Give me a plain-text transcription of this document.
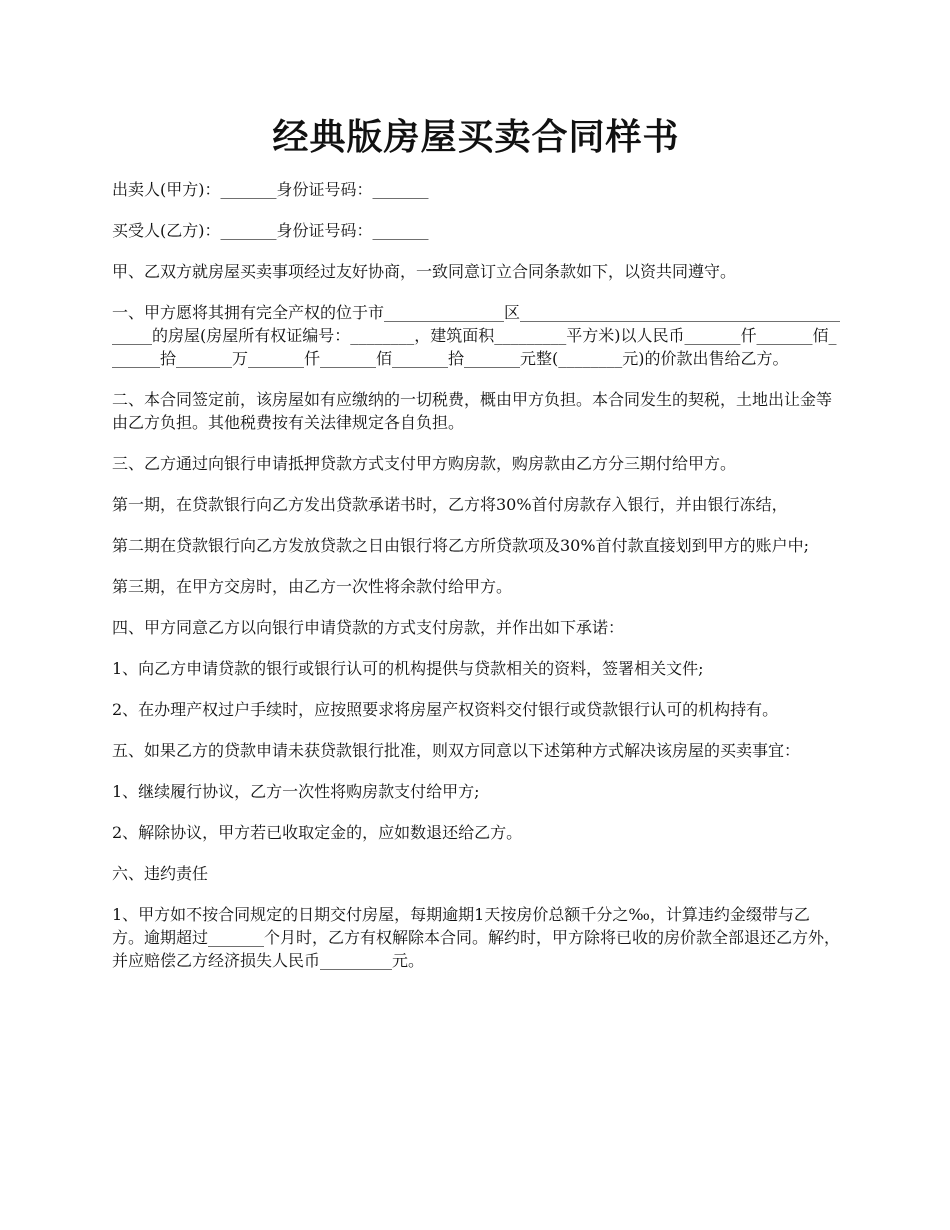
经典版房屋买卖合同样书

出卖人(甲方)：_______身份证号码：_______

买受人(乙方)：_______身份证号码：_______

甲、乙双方就房屋买卖事项经过友好协商，一致同意订立合同条款如下，以资共同遵守。

一、甲方愿将其拥有完全产权的位于市_______________区_____________________________________________的房屋(房屋所有权证编号：________，建筑面积_________平方米)以人民币_______仟_______佰_______拾_______万_______仟_______佰_______拾_______元整(________元)的价款出售给乙方。

二、本合同签定前，该房屋如有应缴纳的一切税费，概由甲方负担。本合同发生的契税，土地出让金等由乙方负担。其他税费按有关法律规定各自负担。

三、乙方通过向银行申请抵押贷款方式支付甲方购房款，购房款由乙方分三期付给甲方。

第一期，在贷款银行向乙方发出贷款承诺书时，乙方将30%首付房款存入银行，并由银行冻结，

第二期在贷款银行向乙方发放贷款之日由银行将乙方所贷款项及30%首付款直接划到甲方的账户中;

第三期，在甲方交房时，由乙方一次性将余款付给甲方。

四、甲方同意乙方以向银行申请贷款的方式支付房款，并作出如下承诺：

1、向乙方申请贷款的银行或银行认可的机构提供与贷款相关的资料，签署相关文件;

2、在办理产权过户手续时，应按照要求将房屋产权资料交付银行或贷款银行认可的机构持有。

五、如果乙方的贷款申请未获贷款银行批准，则双方同意以下述第种方式解决该房屋的买卖事宜：

1、继续履行协议，乙方一次性将购房款支付给甲方;

2、解除协议，甲方若已收取定金的，应如数退还给乙方。

六、违约责任

1、甲方如不按合同规定的日期交付房屋，每期逾期1天按房价总额千分之‰，计算违约金缀带与乙方。逾期超过_______个月时，乙方有权解除本合同。解约时，甲方除将已收的房价款全部退还乙方外，并应赔偿乙方经济损失人民币_________元。
